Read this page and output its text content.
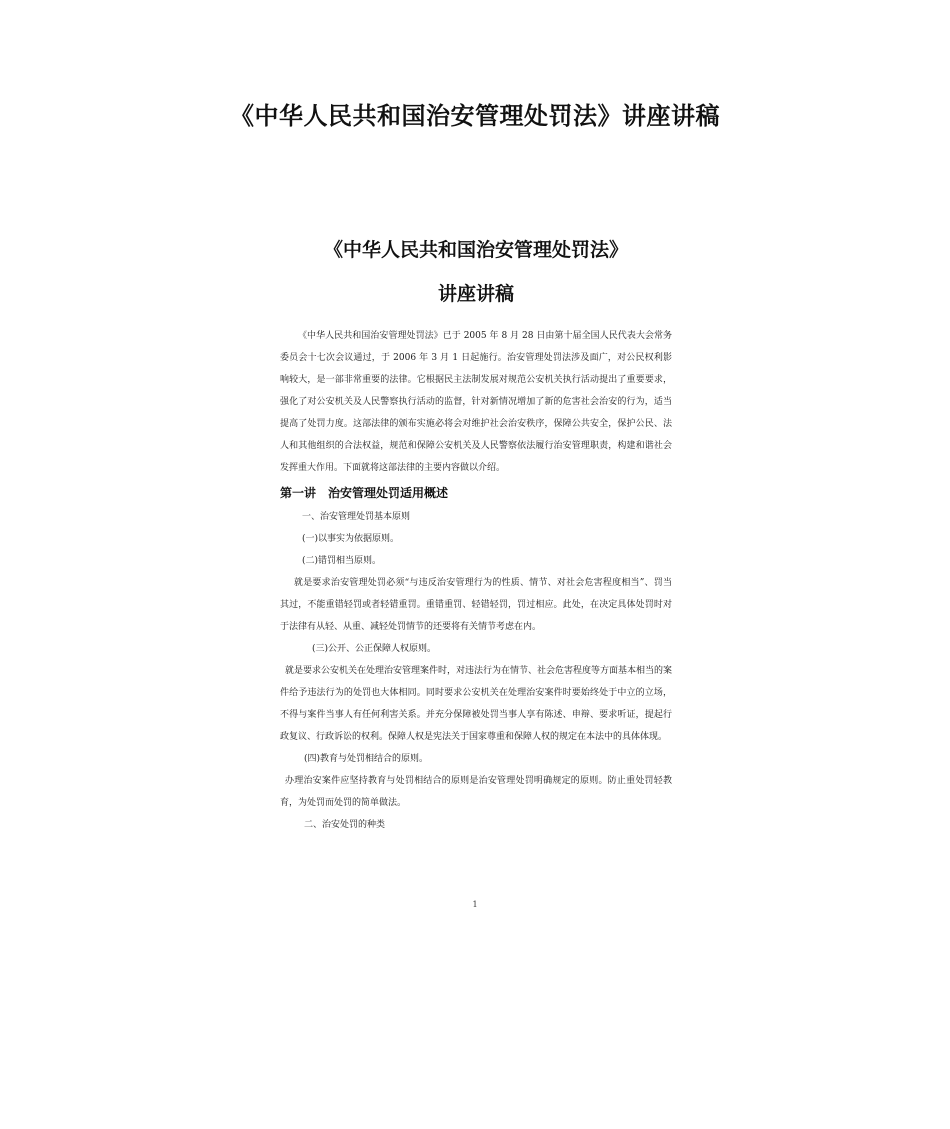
《中华人民共和国治安管理处罚法》讲座讲稿
《中华人民共和国治安管理处罚法》
讲座讲稿

《中华人民共和国治安管理处罚法》已于 2005 年 8 月 28 日由第十届全国人民代表大会常务委员会十七次会议通过，于 2006 年 3 月 1 日起施行。治安管理处罚法涉及面广，对公民权利影响较大，是一部非常重要的法律。它根据民主法制发展对规范公安机关执行活动提出了重要要求，强化了对公安机关及人民警察执行活动的监督，针对新情况增加了新的危害社会治安的行为，适当提高了处罚力度。这部法律的颁布实施必将会对维护社会治安秩序，保障公共安全，保护公民、法人和其他组织的合法权益，规范和保障公安机关及人民警察依法履行治安管理职责，构建和谐社会发挥重大作用。下面就将这部法律的主要内容做以介绍。

第一讲　治安管理处罚适用概述
一、治安管理处罚基本原则
(一)以事实为依据原则。
(二)错罚相当原则。

就是要求治安管理处罚必须“与违反治安管理行为的性质、情节、对社会危害程度相当”、罚当其过，不能重错轻罚或者轻错重罚。重错重罚、轻错轻罚，罚过相应。此处，在决定具体处罚时对于法律有从轻、从重、减轻处罚情节的还要将有关情节考虑在内。

(三)公开、公正保障人权原则。

就是要求公安机关在处理治安管理案件时，对违法行为在情节、社会危害程度等方面基本相当的案件给予违法行为的处罚也大体相同。同时要求公安机关在处理治安案件时要始终处于中立的立场，不得与案件当事人有任何利害关系。并充分保障被处罚当事人享有陈述、申辩、要求听证，提起行政复议、行政诉讼的权利。保障人权是宪法关于国家尊重和保障人权的规定在本法中的具体体现。

(四)教育与处罚相结合的原则。

办理治安案件应坚持教育与处罚相结合的原则是治安管理处罚明确规定的原则。防止重处罚轻教育，为处罚而处罚的简单做法。

二、治安处罚的种类
1
